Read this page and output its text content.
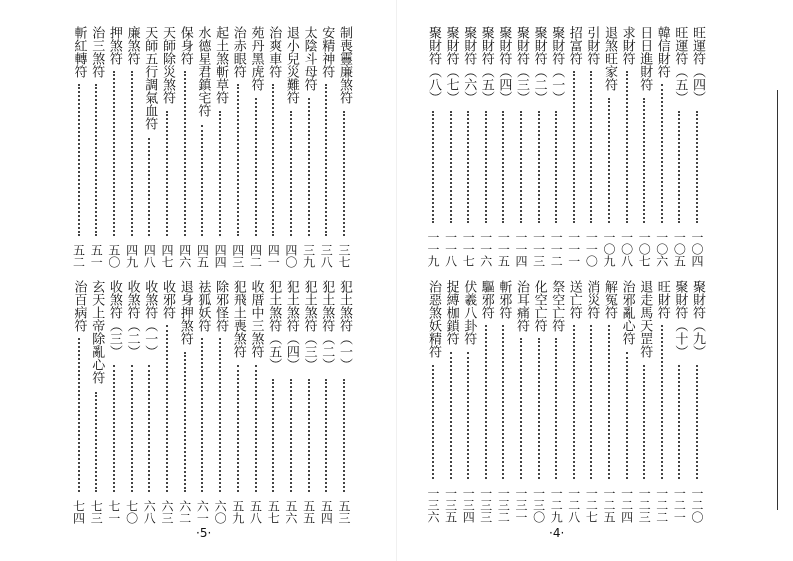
制喪靊廉煞符
三七
安精神符
三八
太陰斗母符
三九
退小兒災難符
四〇
治爽車符
四一
苑丹黑虎符
四二
治赤眼符
四三
起土煞斬草符
四四
水德星君鎮宅符
四五
保身符
四六
天師除災煞符
四七
天師五行調氣血符
四八
廉煞符
四九
押煞符
五〇
治三煞符
五一
斬紅轉符
五二
犯土煞符（一）
五三
犯土煞符（二）
五四
犯土煞符（三）
五五
犯土煞符（四）
五六
犯土煞符（五）
五七
收厝中三煞符
五八
犯飛土喪煞符
五九
除邪怪符
六〇
祛狐妖符
六一
退身押煞符
六二
收邪符
六三
收煞符（一）
六八
收煞符（二）
七〇
收煞符（三）
七一
玄天上帝除亂心符
七三
治百病符
七四
·5·
旺運符（四）
一〇四
旺運符（五）
一〇五
韓信財符
一〇六
日日進財符
一〇七
求財符
一〇八
退煞旺家符
一〇九
引財符
一一〇
招富符
一一一
聚財符（一）
一一二
聚財符（二）
一一三
聚財符（三）
一一四
聚財符（四）
一一五
聚財符（五）
一一六
聚財符（六）
一一七
聚財符（七）
一一八
聚財符（八）
一一九
聚財符（九）
一二〇
聚財符（十）
一二一
旺財符
一二二
退走馬天罡符
一二三
治邪亂心符
一二四
解冤符
一二五
消災符
一二七
送亡符
一二八
祭空亡符
一二九
化空亡符
一三〇
治耳痛符
一三一
斬邪符
一三二
驅邪符
一三三
伏羲八卦符
一三四
捉縛枷鎖符
一三五
治惡煞妖精符
一三六
·4·
